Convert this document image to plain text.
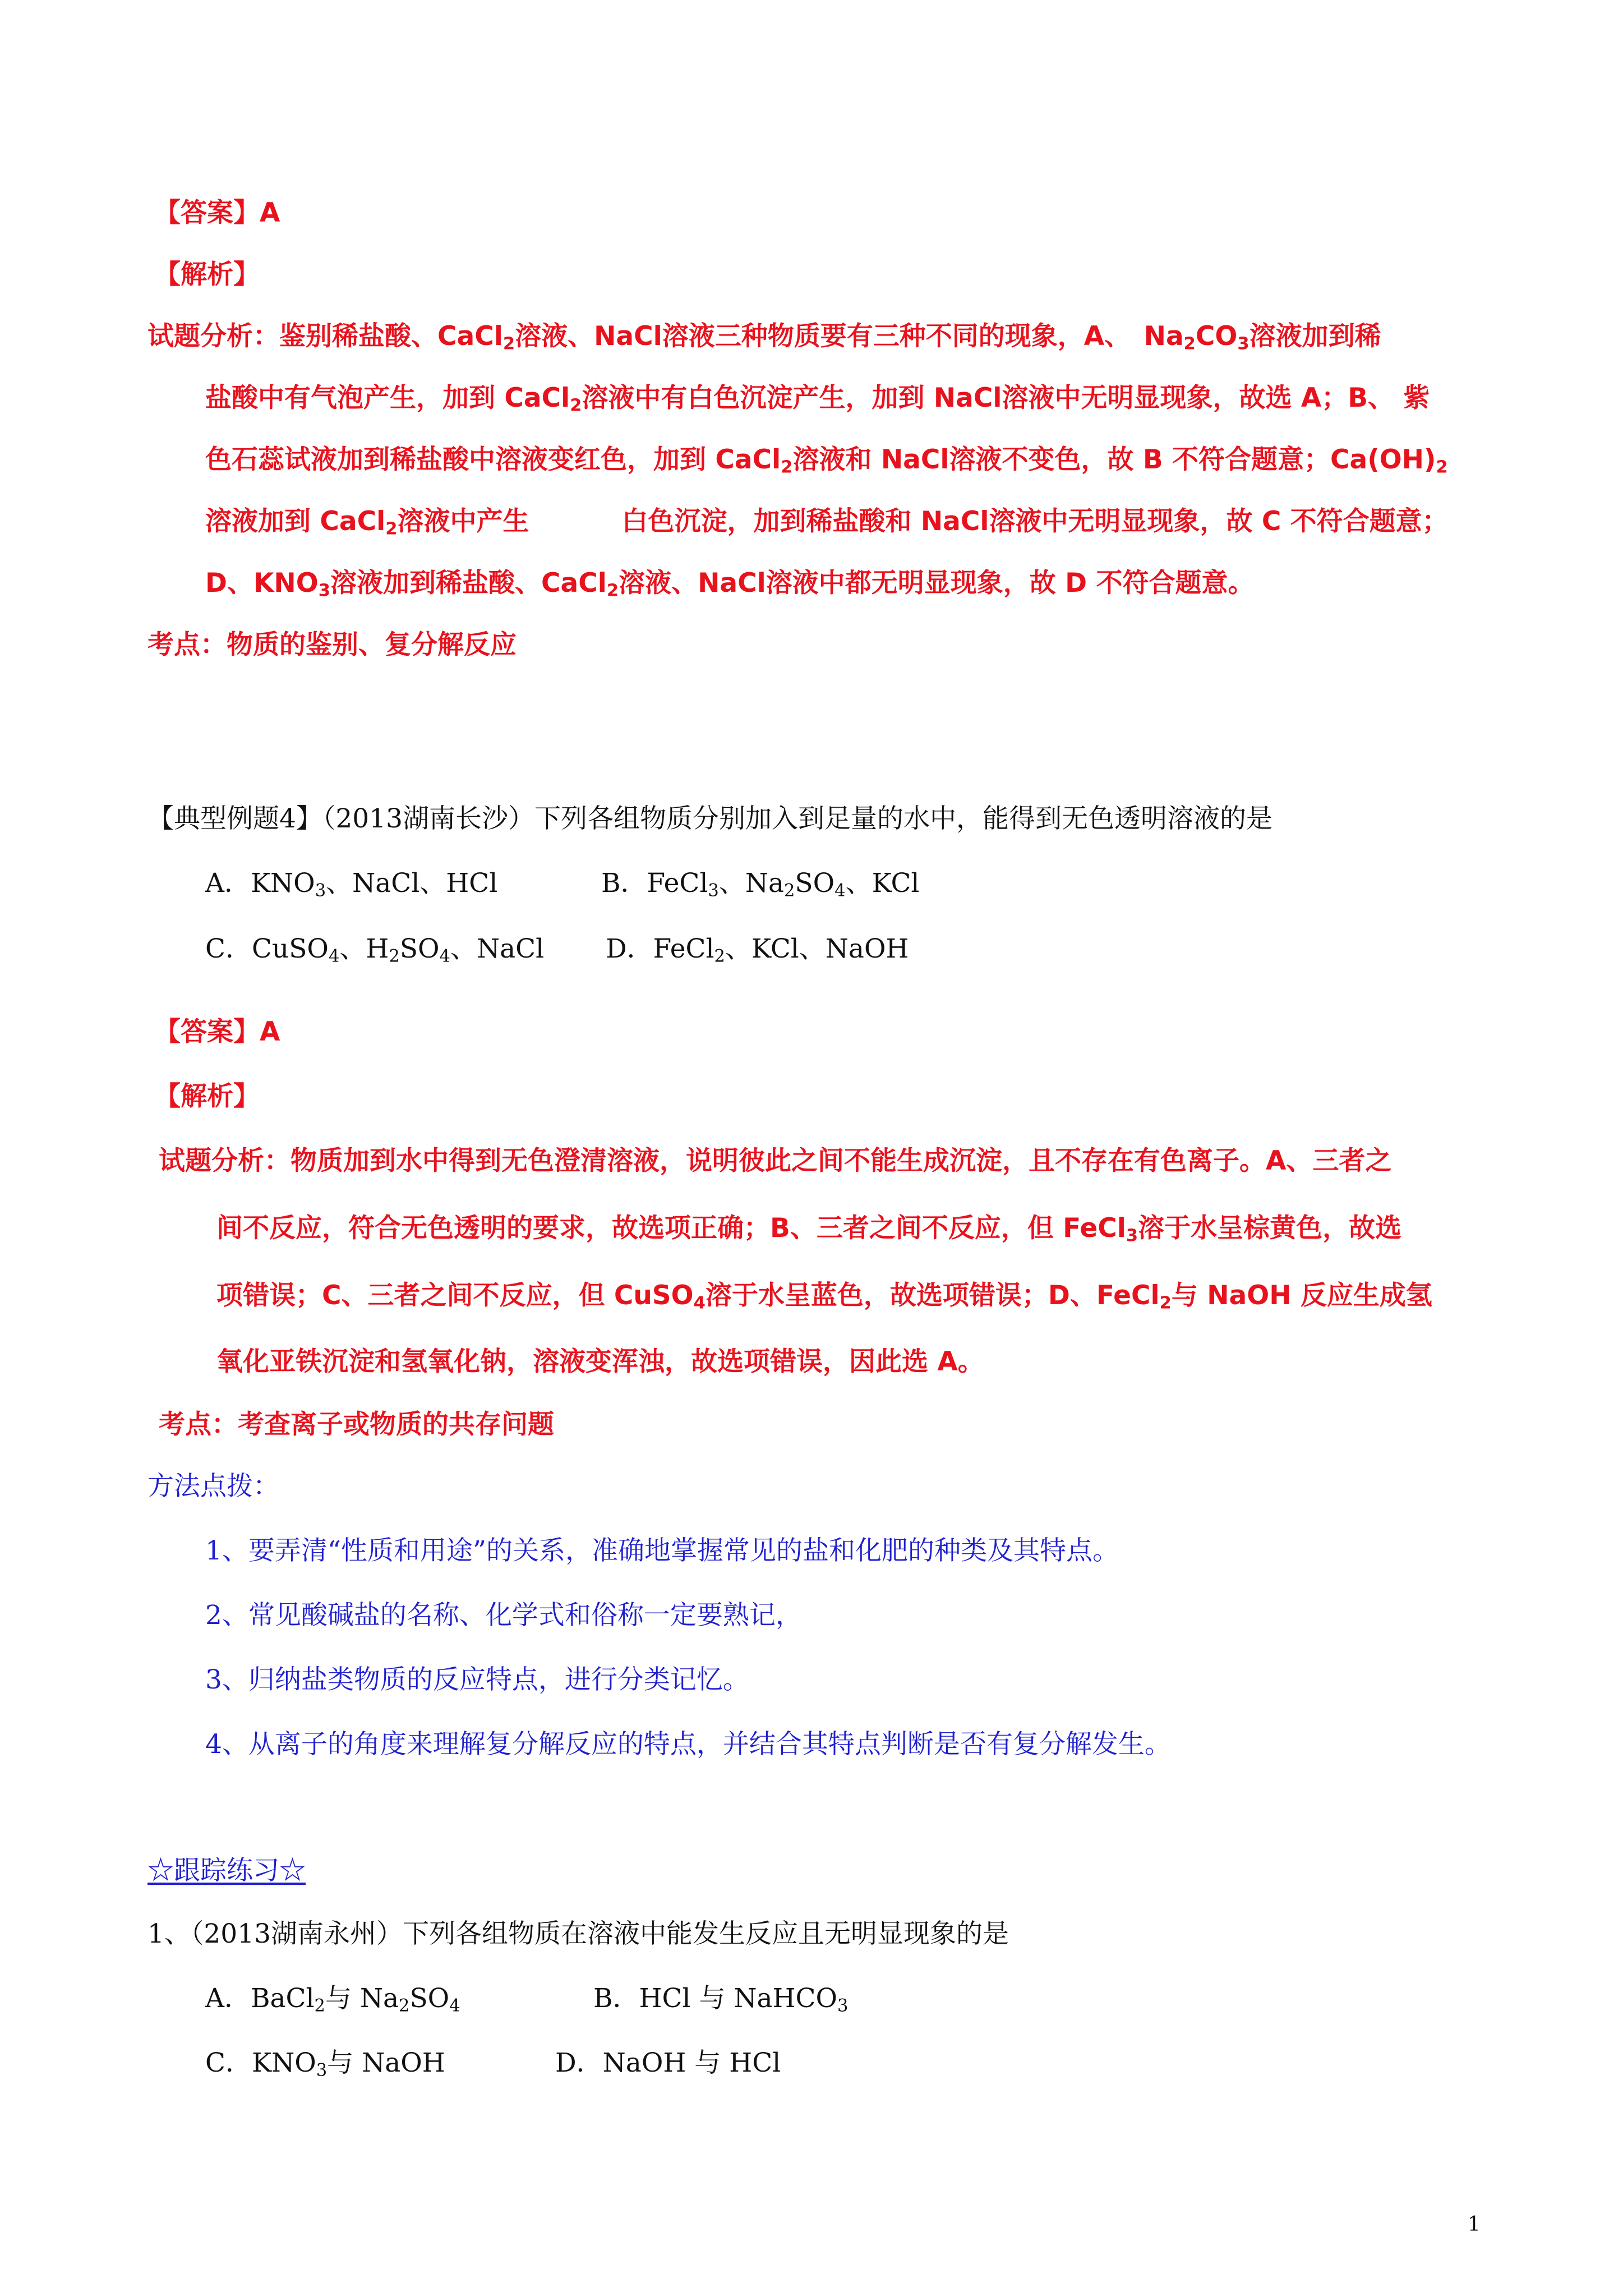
【答案】A
【解析】
试题分析：鉴别稀盐酸、CaCl$_2$溶液、NaCl溶液三种物质要有三种不同的现象，A、　$Na_2CO_3$溶液加到稀
盐酸中有气泡产生，加到 CaCl$_2$溶液中有白色沉淀产生，加到 NaCl溶液中无明显现象，故选 A；B、 紫
色石蕊试液加到稀盐酸中溶液变红色，加到 CaCl$_2$溶液和 NaCl溶液不变色，故 B 不符合题意；$Ca(OH)_2$
溶液加到 CaCl$_2$溶液中产生	白色沉淀，加到稀盐酸和 NaCl溶液中无明显现象，故 C 不符合题意；
D、$KNO_3$溶液加到稀盐酸、CaCl$_2$溶液、NaCl溶液中都无明显现象，故 D 不符合题意。
考点：物质的鉴别、复分解反应
【典型例题4】（2013湖南长沙）下列各组物质分别加入到足量的水中，能得到无色透明溶液的是
A．$KNO_3$、NaCl、HCl	B．FeCl$_3$、$Na_2SO_4$、KCl
C．CuSO$_4$、$H_2SO_4$、NaCl D．FeCl$_2$、KCl、NaOH
【答案】A
【解析】
试题分析：物质加到水中得到无色澄清溶液，说明彼此之间不能生成沉淀，且不存在有色离子。A、三者之
间不反应，符合无色透明的要求，故选项正确；B、三者之间不反应，但 FeCl$_3$溶于水呈棕黄色，故选
项错误；C、三者之间不反应，但 CuSO$_4$溶于水呈蓝色，故选项错误；D、FeCl$_2$与 NaOH 反应生成氢
氧化亚铁沉淀和氢氧化钠，溶液变浑浊，故选项错误，因此选 A。
考点：考查离子或物质的共存问题
方法点拨：
1、要弄清“性质和用途”的关系，准确地掌握常见的盐和化肥的种类及其特点。
2、常见酸碱盐的名称、化学式和俗称一定要熟记，
3、归纳盐类物质的反应特点，进行分类记忆。
4、从离子的角度来理解复分解反应的特点，并结合其特点判断是否有复分解发生。
☆跟踪练习☆
1、（2013湖南永州）下列各组物质在溶液中能发生反应且无明显现象的是
A．BaCl$_2$与 $Na_2SO_4$	B．HCl 与 NaHCO$_3$
C．$KNO_3$与 NaOH	D．NaOH 与 HCl
1
